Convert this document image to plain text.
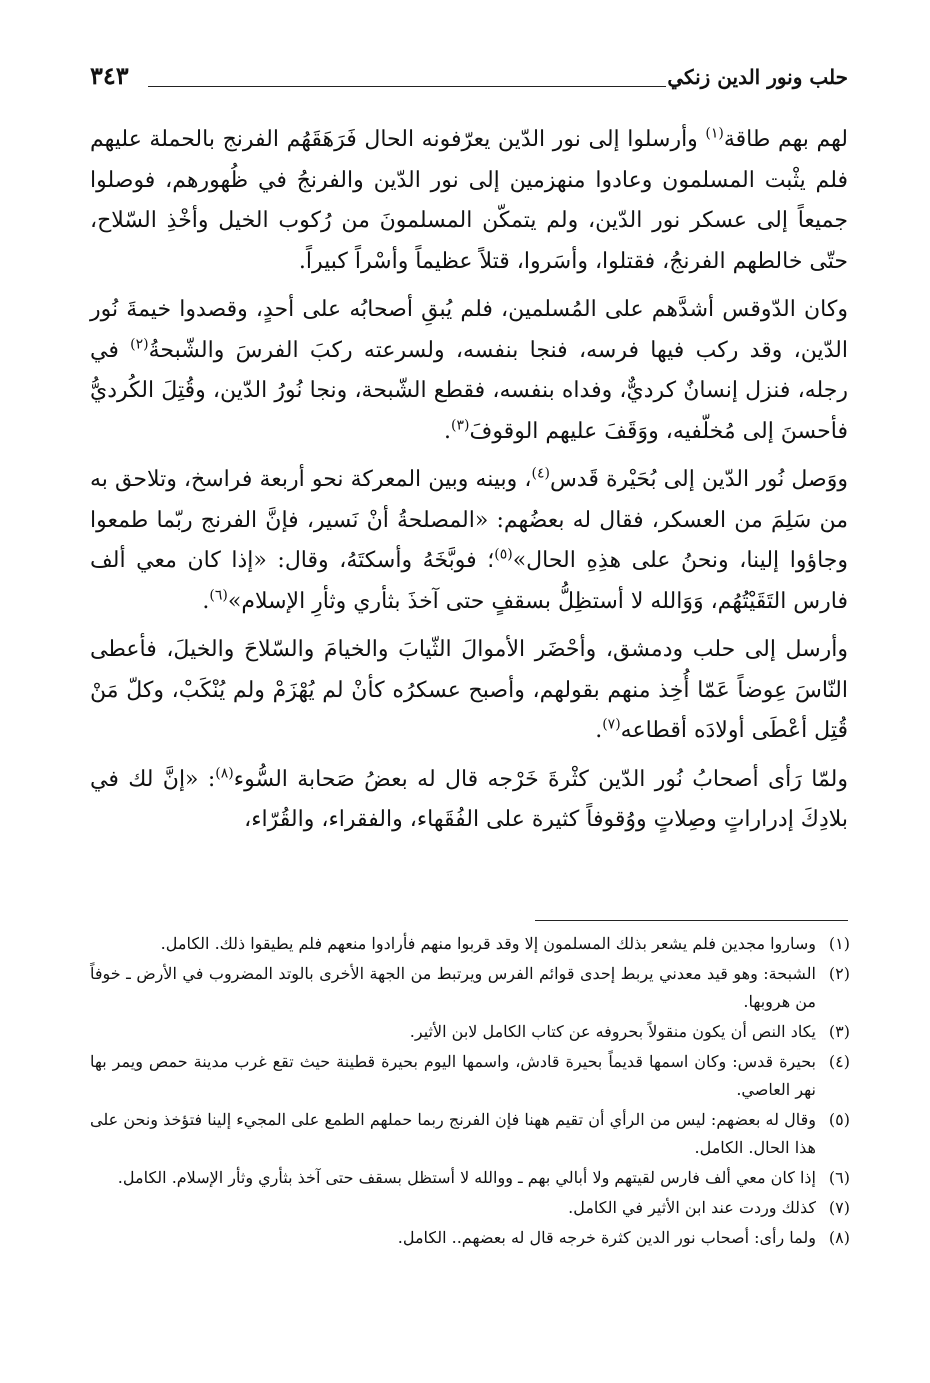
حلب ونور الدين زنكي
٣٤٣

لهم بهم طاقة$^{(١)}$ وأرسلوا إلى نور الدّين يعرّفونه الحال فَرَهَقَهُم الفرنج بالحملة عليهم فلم يثْبت المسلمون وعادوا منهزمين إلى نور الدّين والفرنجُ في ظُهورهم، فوصلوا جميعاً إلى عسكر نور الدّين، ولم يتمكّن المسلمونَ من رُكوب الخيل وأخْذِ السّلاح، حتّى خالطهم الفرنجُ، فقتلوا، وأسَروا، قتلاً عظيماً وأسْراً كبيراً.

وكان الدّوقس أشدَّهم على المُسلمين، فلم يُبقِ أصحابُه على أحدٍ، وقصدوا خيمةَ نُور الدّين، وقد ركب فيها فرسه، فنجا بنفسه، ولسرعته ركبَ الفرسَ والشّبحةُ$^{(٢)}$ في رجله، فنزل إنسانٌ كرديٌّ، وفداه بنفسه، فقطع الشّبحة، ونجا نُورُ الدّين، وقُتِلَ الكُرديُّ فأحسنَ إلى مُخلّفيه، ووَقَفَ عليهم الوقوفَ$^{(٣)}$.

ووَصل نُور الدّين إلى بُحَيْرة قَدس$^{(٤)}$، وبينه وبين المعركة نحو أربعة فراسخ، وتلاحق به من سَلِمَ من العسكر، فقال له بعضُهم: «المصلحةُ أنْ نَسير، فإنَّ الفرنج ربّما طمعوا وجاؤوا إلينا، ونحنُ على هذِهِ الحال»$^{(٥)}$؛ فوبَّخَهُ وأسكتَهُ، وقال: «إذا كان معي ألف فارس التَقَيْتُهُم، وَوَالله لا أستظِلُّ بسقفٍ حتى آخذَ بثأري وثأرِ الإسلام»$^{(٦)}$.

وأرسل إلى حلب ودمشق، وأحْضَر الأموالَ الثّيابَ والخيامَ والسّلاحَ والخيلَ، فأعطى النّاسَ عِوضاً عَمّا أُخِذ منهم بقولهم، وأصبح عسكرُه كأنْ لم يُهْزَمْ ولم يُنْكَبْ، وكلّ مَنْ قُتِل أعْطَى أولادَه أقطاعه$^{(٧)}$.

ولمّا رَأى أصحابُ نُور الدّين كثْرةَ خَرْجه قال له بعضُ صَحابة السُّوء$^{(٨)}$: «إنَّ لك في بلادِكَ إدراراتٍ وصِلاتٍ ووُقوفاً كثيرة على الفُقَهاء، والفقراء، والقُرّاء،

(١)
وساروا مجدين فلم يشعر بذلك المسلمون إلا وقد قربوا منهم فأرادوا منعهم فلم يطيقوا ذلك. الكامل.
(٢)
الشبحة: وهو قيد معدني يربط إحدى قوائم الفرس ويرتبط من الجهة الأخرى بالوتد المضروب في الأرض ـ خوفاً من هروبها.
(٣)
يكاد النص أن يكون منقولاً بحروفه عن كتاب الكامل لابن الأثير.
(٤)
بحيرة قدس: وكان اسمها قديماً بحيرة قادش، واسمها اليوم بحيرة قطينة حيث تقع غرب مدينة حمص ويمر بها نهر العاصي.
(٥)
وقال له بعضهم: ليس من الرأي أن تقيم ههنا فإن الفرنج ربما حملهم الطمع على المجيء إلينا فتؤخذ ونحن على هذا الحال. الكامل.
(٦)
إذا كان معي ألف فارس لقيتهم ولا أبالي بهم ـ ووالله لا أستظل بسقف حتى آخذ بثأري وثأر الإسلام. الكامل.
(٧)
كذلك وردت عند ابن الأثير في الكامل.
(٨)
ولما رأى: أصحاب نور الدين كثرة خرجه قال له بعضهم.. الكامل.
